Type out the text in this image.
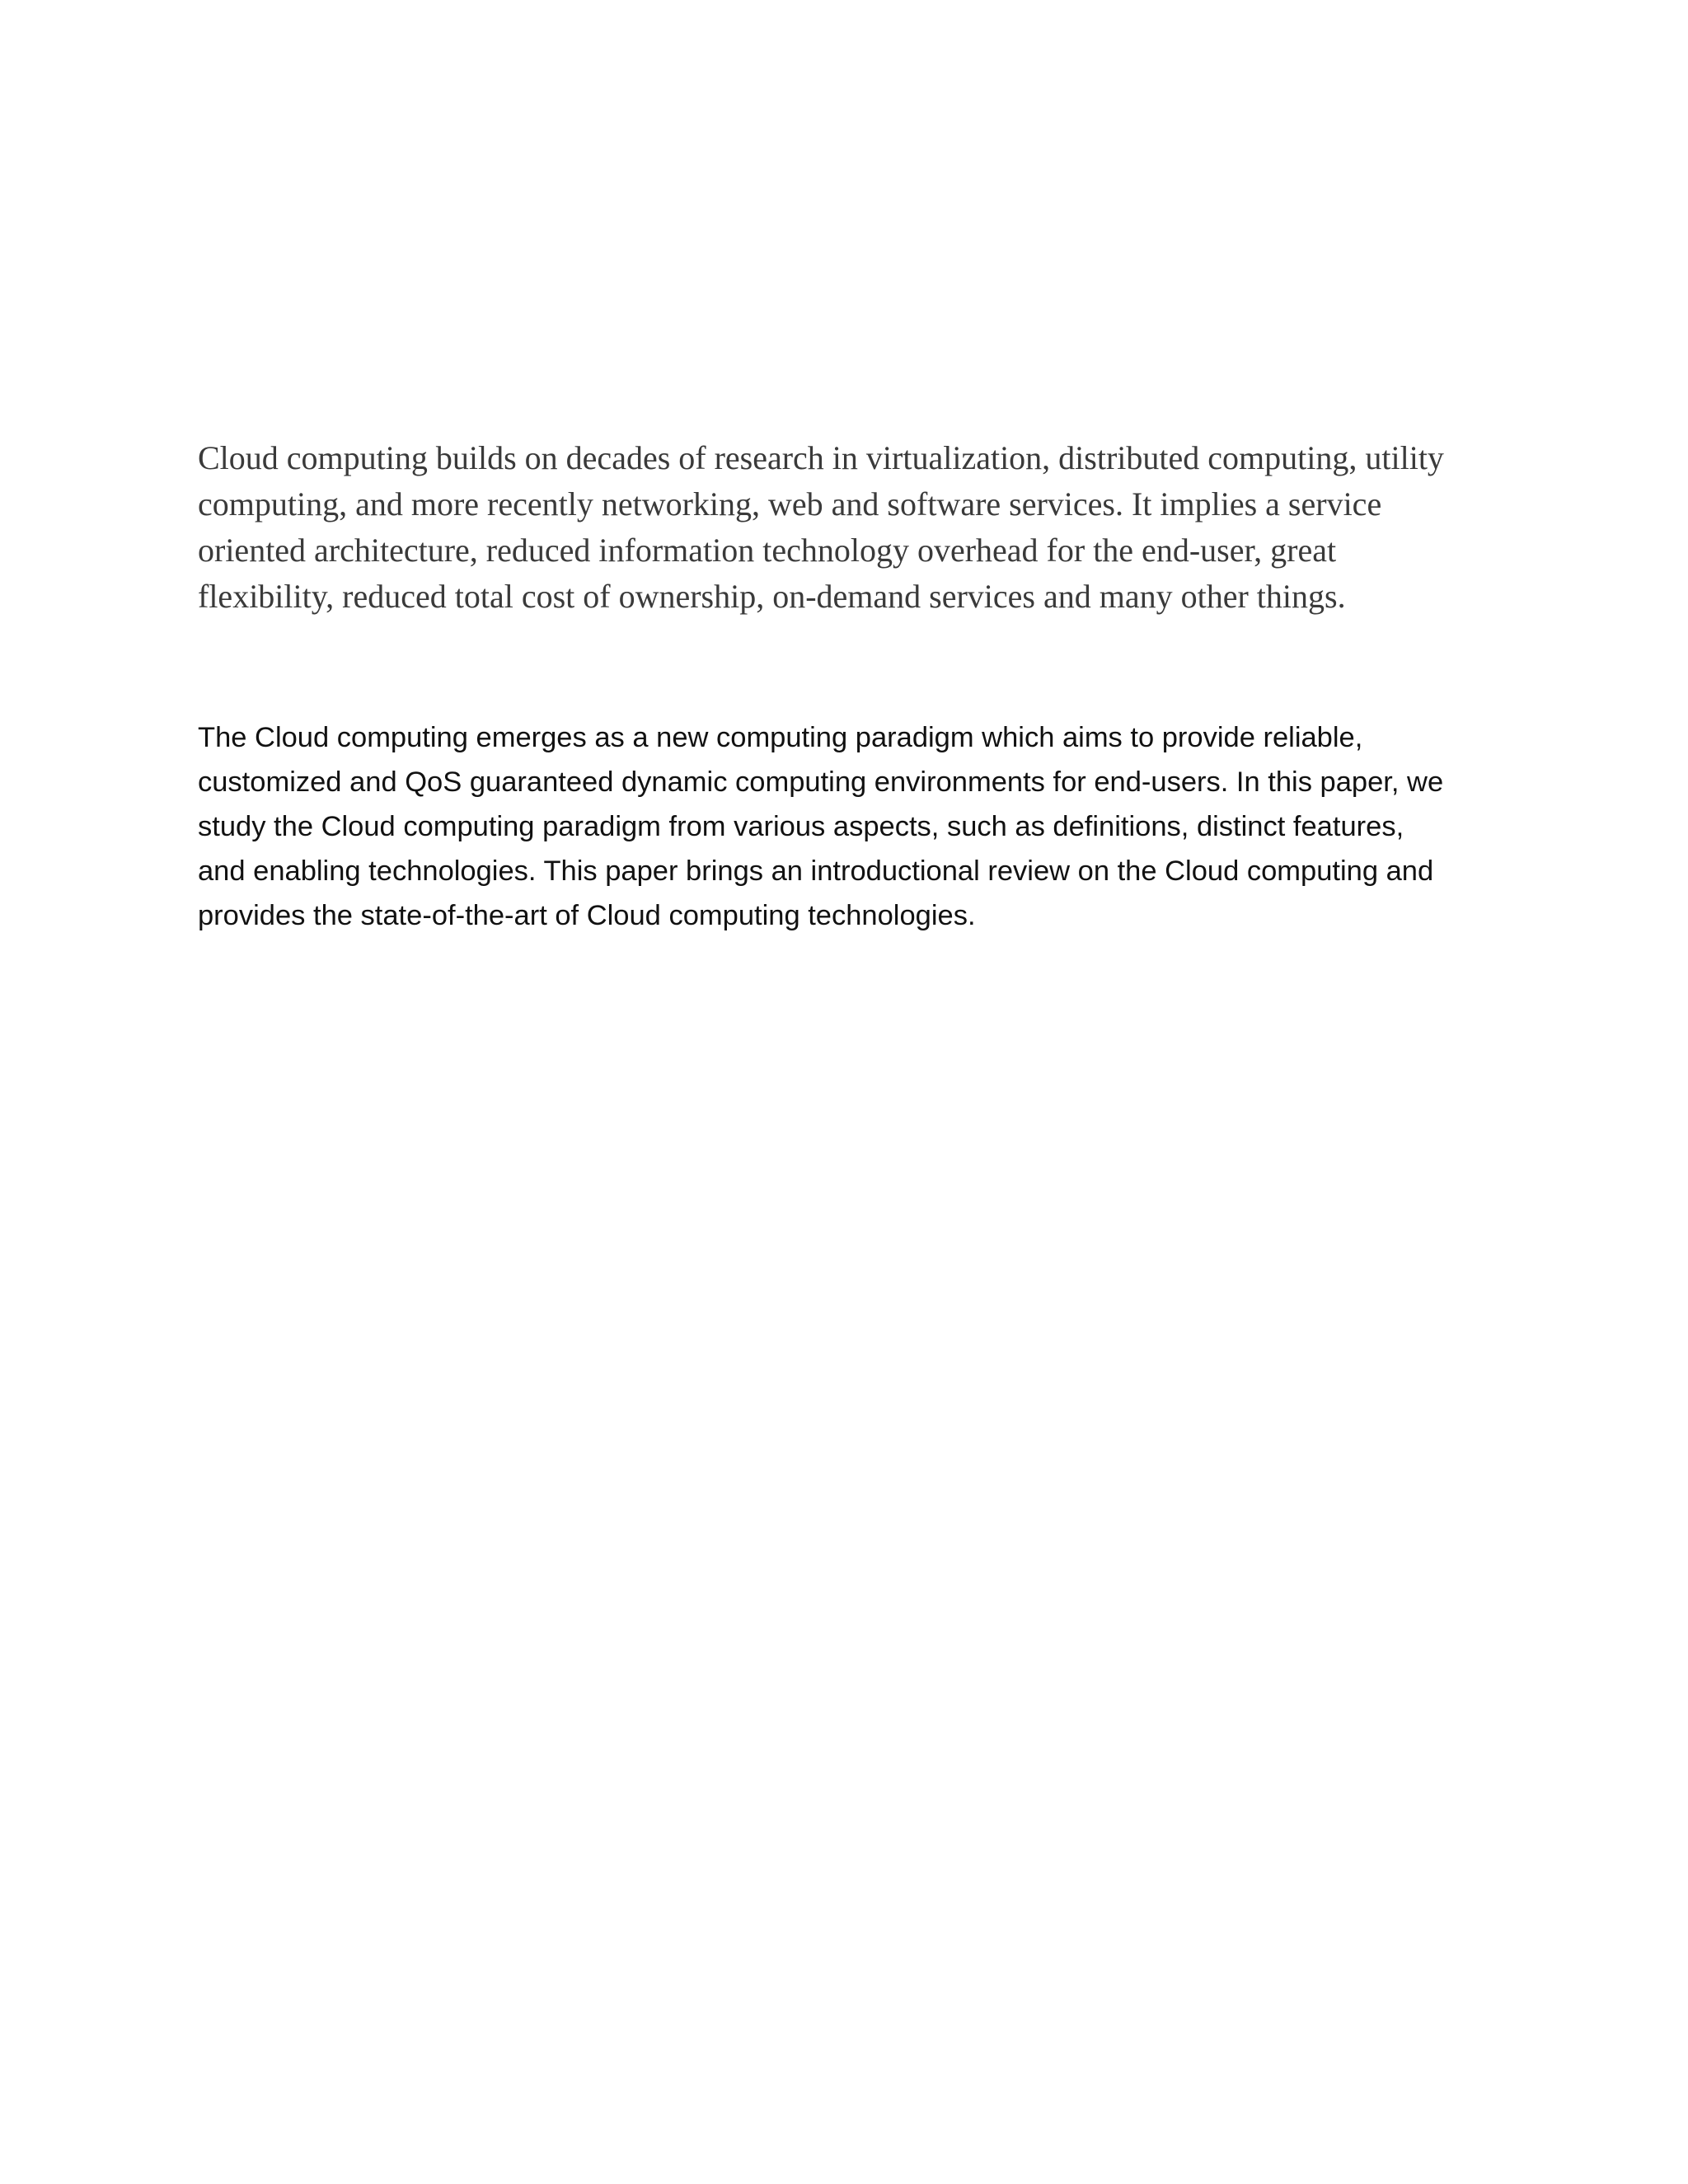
Cloud computing builds on decades of research in virtualization, distributed computing, utility
computing, and more recently networking, web and software services. It implies a service
oriented architecture, reduced information technology overhead for the end-user, great
flexibility, reduced total cost of ownership, on-demand services and many other things.

The Cloud computing emerges as a new computing paradigm which aims to provide reliable,
customized and QoS guaranteed dynamic computing environments for end-users. In this paper, we
study the Cloud computing paradigm from various aspects, such as definitions, distinct features,
and enabling technologies. This paper brings an introductional review on the Cloud computing and
provides the state-of-the-art of Cloud computing technologies.
